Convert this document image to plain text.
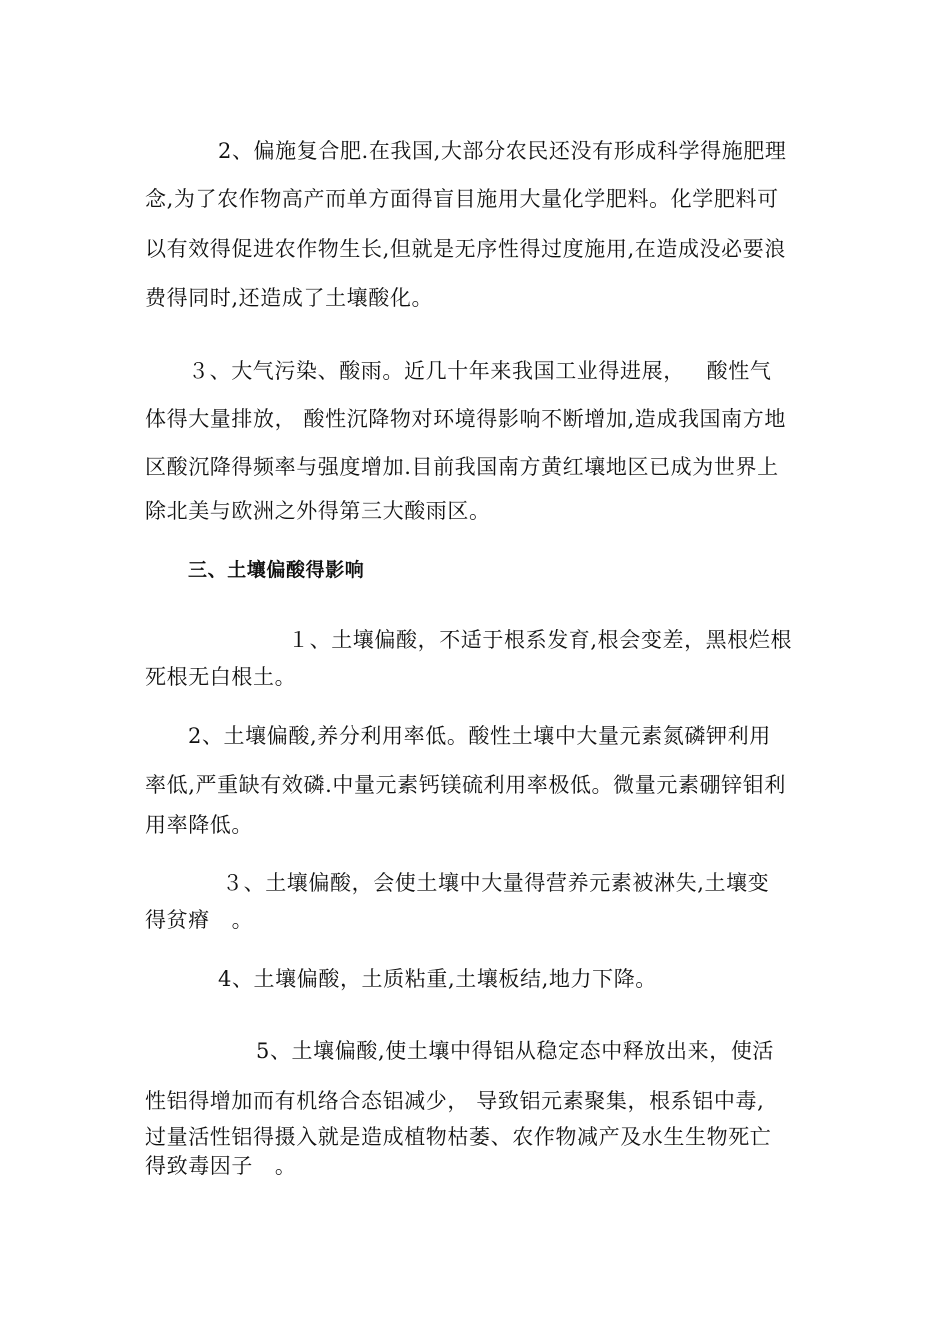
2、偏施复合肥.在我国,大部分农民还没有形成科学得施肥理
念,为了农作物高产而单方面得盲目施用大量化学肥料。化学肥料可
以有效得促进农作物生长,但就是无序性得过度施用,在造成没必要浪
费得同时,还造成了土壤酸化。
３、大气污染、酸雨。近几十年来我国工业得进展，   酸性气
体得大量排放， 酸性沉降物对环境得影响不断增加,造成我国南方地
区酸沉降得频率与强度增加.目前我国南方黄红壤地区已成为世界上
除北美与欧洲之外得第三大酸雨区。
三、土壤偏酸得影响
１、土壤偏酸，不适于根系发育,根会变差，黑根烂根
死根无白根土。
2、土壤偏酸,养分利用率低。酸性土壤中大量元素氮磷钾利用
率低,严重缺有效磷.中量元素钙镁硫利用率极低。微量元素硼锌钼利
用率降低。
３、土壤偏酸，会使土壤中大量得营养元素被淋失,土壤变
得贫瘠   。
4、土壤偏酸，土质粘重,土壤板结,地力下降。
5、土壤偏酸,使土壤中得铝从稳定态中释放出来，使活
性铝得增加而有机络合态铝减少， 导致铝元素聚集，根系铝中毒,
过量活性铝得摄入就是造成植物枯萎、农作物减产及水生生物死亡
得致毒因子   。
